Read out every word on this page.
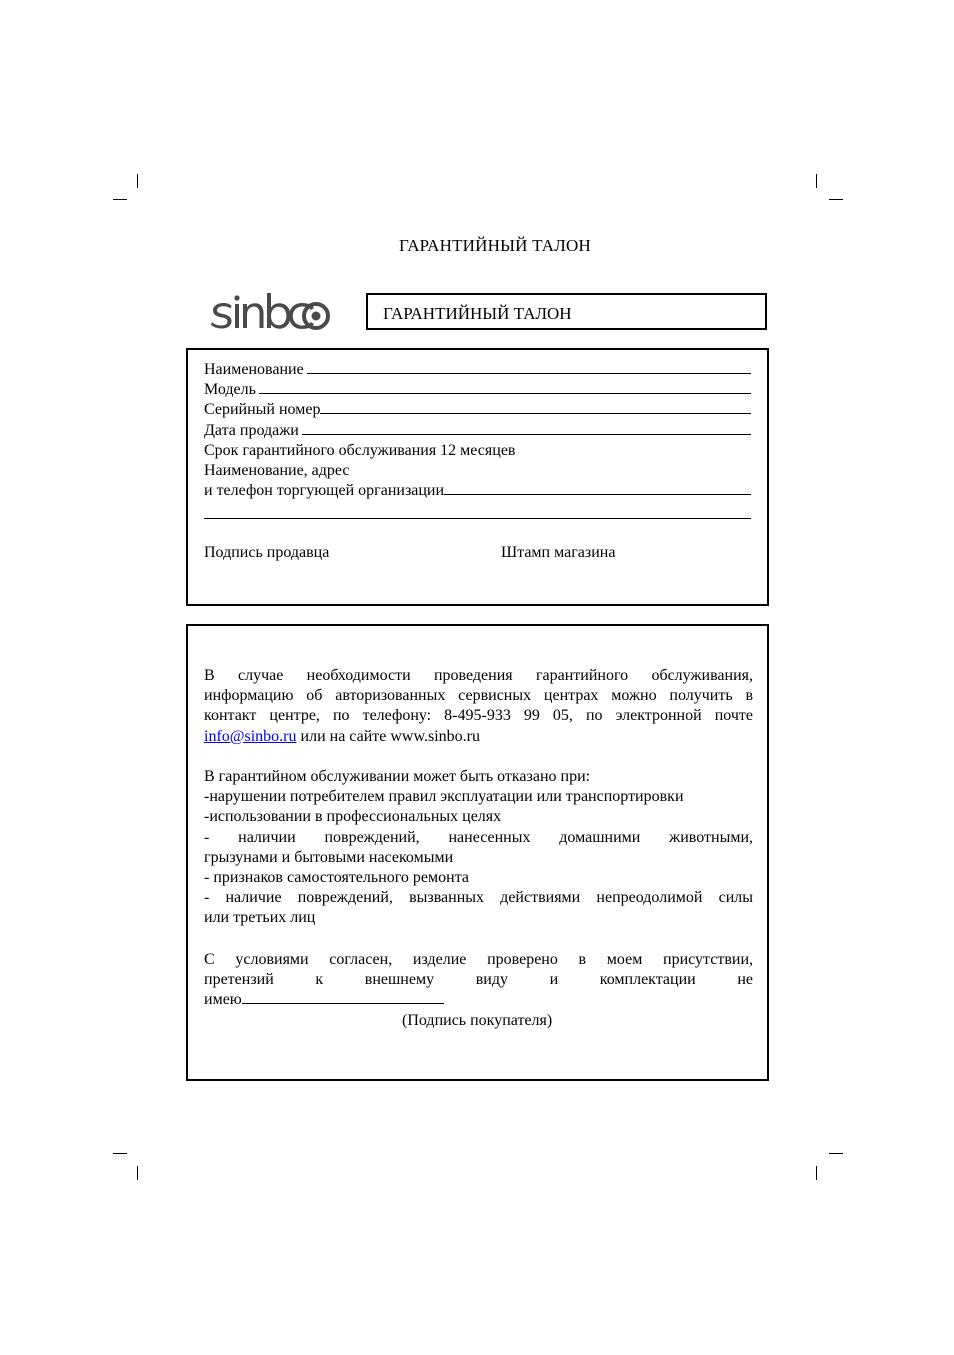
ГАРАНТИЙНЫЙ ТАЛОН
ГАРАНТИЙНЫЙ ТАЛОН
Наименование
Модель
Серийный номер
Дата продажи
Срок гарантийного обслуживания 12 месяцев
Наименование, адрес
и телефон торгующей организации
Подпись продавца	Штамп магазина
В случае необходимости проведения гарантийного обслуживания,
информацию об авторизованных сервисных центрах можно получить в
контакт центре, по телефону: 8-495-933 99 05, по электронной почте
info@sinbo.ru или на сайте www.sinbo.ru
В гарантийном обслуживании может быть отказано при:
-нарушении потребителем правил эксплуатации или транспортировки
-использовании в профессиональных целях
- наличии повреждений, нанесенных домашними животными,
грызунами и бытовыми насекомыми
- признаков самостоятельного ремонта
- наличие повреждений, вызванных действиями непреодолимой силы
или третьих лиц
С условиями согласен, изделие проверено в моем присутствии,
претензий к внешнему виду и комплектации не
имею
(Подпись покупателя)
